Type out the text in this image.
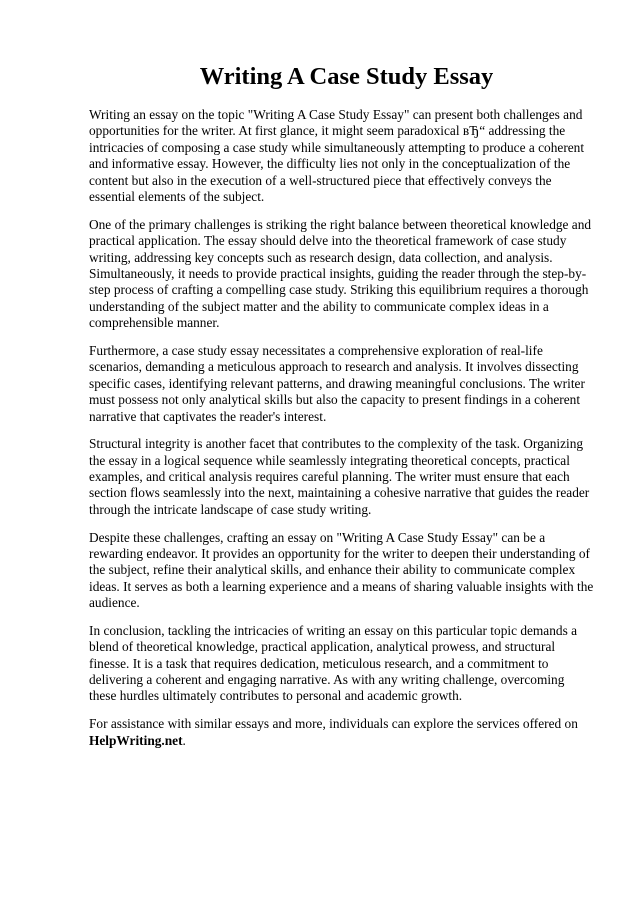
Writing A Case Study Essay

Writing an essay on the topic "Writing A Case Study Essay" can present both challenges and opportunities for the writer. At first glance, it might seem paradoxical вЂ“ addressing the intricacies of composing a case study while simultaneously attempting to produce a coherent and informative essay. However, the difficulty lies not only in the conceptualization of the content but also in the execution of a well-structured piece that effectively conveys the essential elements of the subject.

One of the primary challenges is striking the right balance between theoretical knowledge and practical application. The essay should delve into the theoretical framework of case study writing, addressing key concepts such as research design, data collection, and analysis. Simultaneously, it needs to provide practical insights, guiding the reader through the step-by-step process of crafting a compelling case study. Striking this equilibrium requires a thorough understanding of the subject matter and the ability to communicate complex ideas in a comprehensible manner.

Furthermore, a case study essay necessitates a comprehensive exploration of real-life scenarios, demanding a meticulous approach to research and analysis. It involves dissecting specific cases, identifying relevant patterns, and drawing meaningful conclusions. The writer must possess not only analytical skills but also the capacity to present findings in a coherent narrative that captivates the reader's interest.

Structural integrity is another facet that contributes to the complexity of the task. Organizing the essay in a logical sequence while seamlessly integrating theoretical concepts, practical examples, and critical analysis requires careful planning. The writer must ensure that each section flows seamlessly into the next, maintaining a cohesive narrative that guides the reader through the intricate landscape of case study writing.

Despite these challenges, crafting an essay on "Writing A Case Study Essay" can be a rewarding endeavor. It provides an opportunity for the writer to deepen their understanding of the subject, refine their analytical skills, and enhance their ability to communicate complex ideas. It serves as both a learning experience and a means of sharing valuable insights with the audience.

In conclusion, tackling the intricacies of writing an essay on this particular topic demands a blend of theoretical knowledge, practical application, analytical prowess, and structural finesse. It is a task that requires dedication, meticulous research, and a commitment to delivering a coherent and engaging narrative. As with any writing challenge, overcoming these hurdles ultimately contributes to personal and academic growth.

For assistance with similar essays and more, individuals can explore the services offered on HelpWriting.net.
